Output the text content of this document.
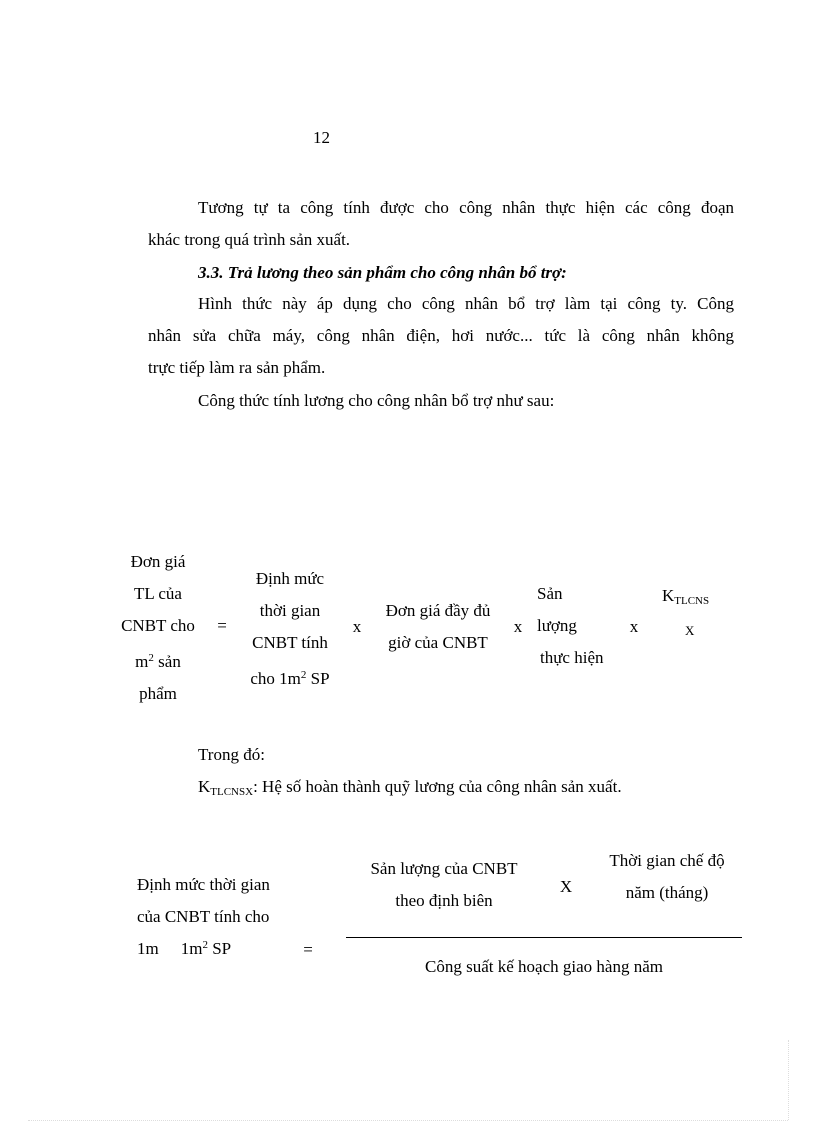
12
Tương tự ta công tính được cho công nhân thực hiện các công đoạn
khác trong quá trình sản xuất.
3.3. Trả lương theo sản phẩm cho công nhân bổ trợ:
Hình thức này áp dụng cho công nhân bổ trợ làm tại công ty. Công
nhân sửa chữa máy, công nhân điện, hơi nước... tức là công nhân không
trực tiếp làm ra sản phẩm.
Công thức tính lương cho công nhân bổ trợ như sau:
Đơn giá
TL của
CNBT cho
$m^2$ sản
phẩm
=
Định mức
thời gian
CNBT tính
cho $1m^2$ SP
x
Đơn giá đầy đủ
giờ của CNBT
x
Sản
lượng
thực hiện
x
$K_{TLCNS}$
X
Trong đó:
$K_{TLCNSX}$: Hệ số hoàn thành quỹ lương của công nhân sản xuất.
Định mức thời gian
của CNBT tính cho
1m $1m^2$ SP	=
Sản lượng của CNBT
theo định biên
X
Thời gian chế độ
năm (tháng)
Công suất kế hoạch giao hàng năm
